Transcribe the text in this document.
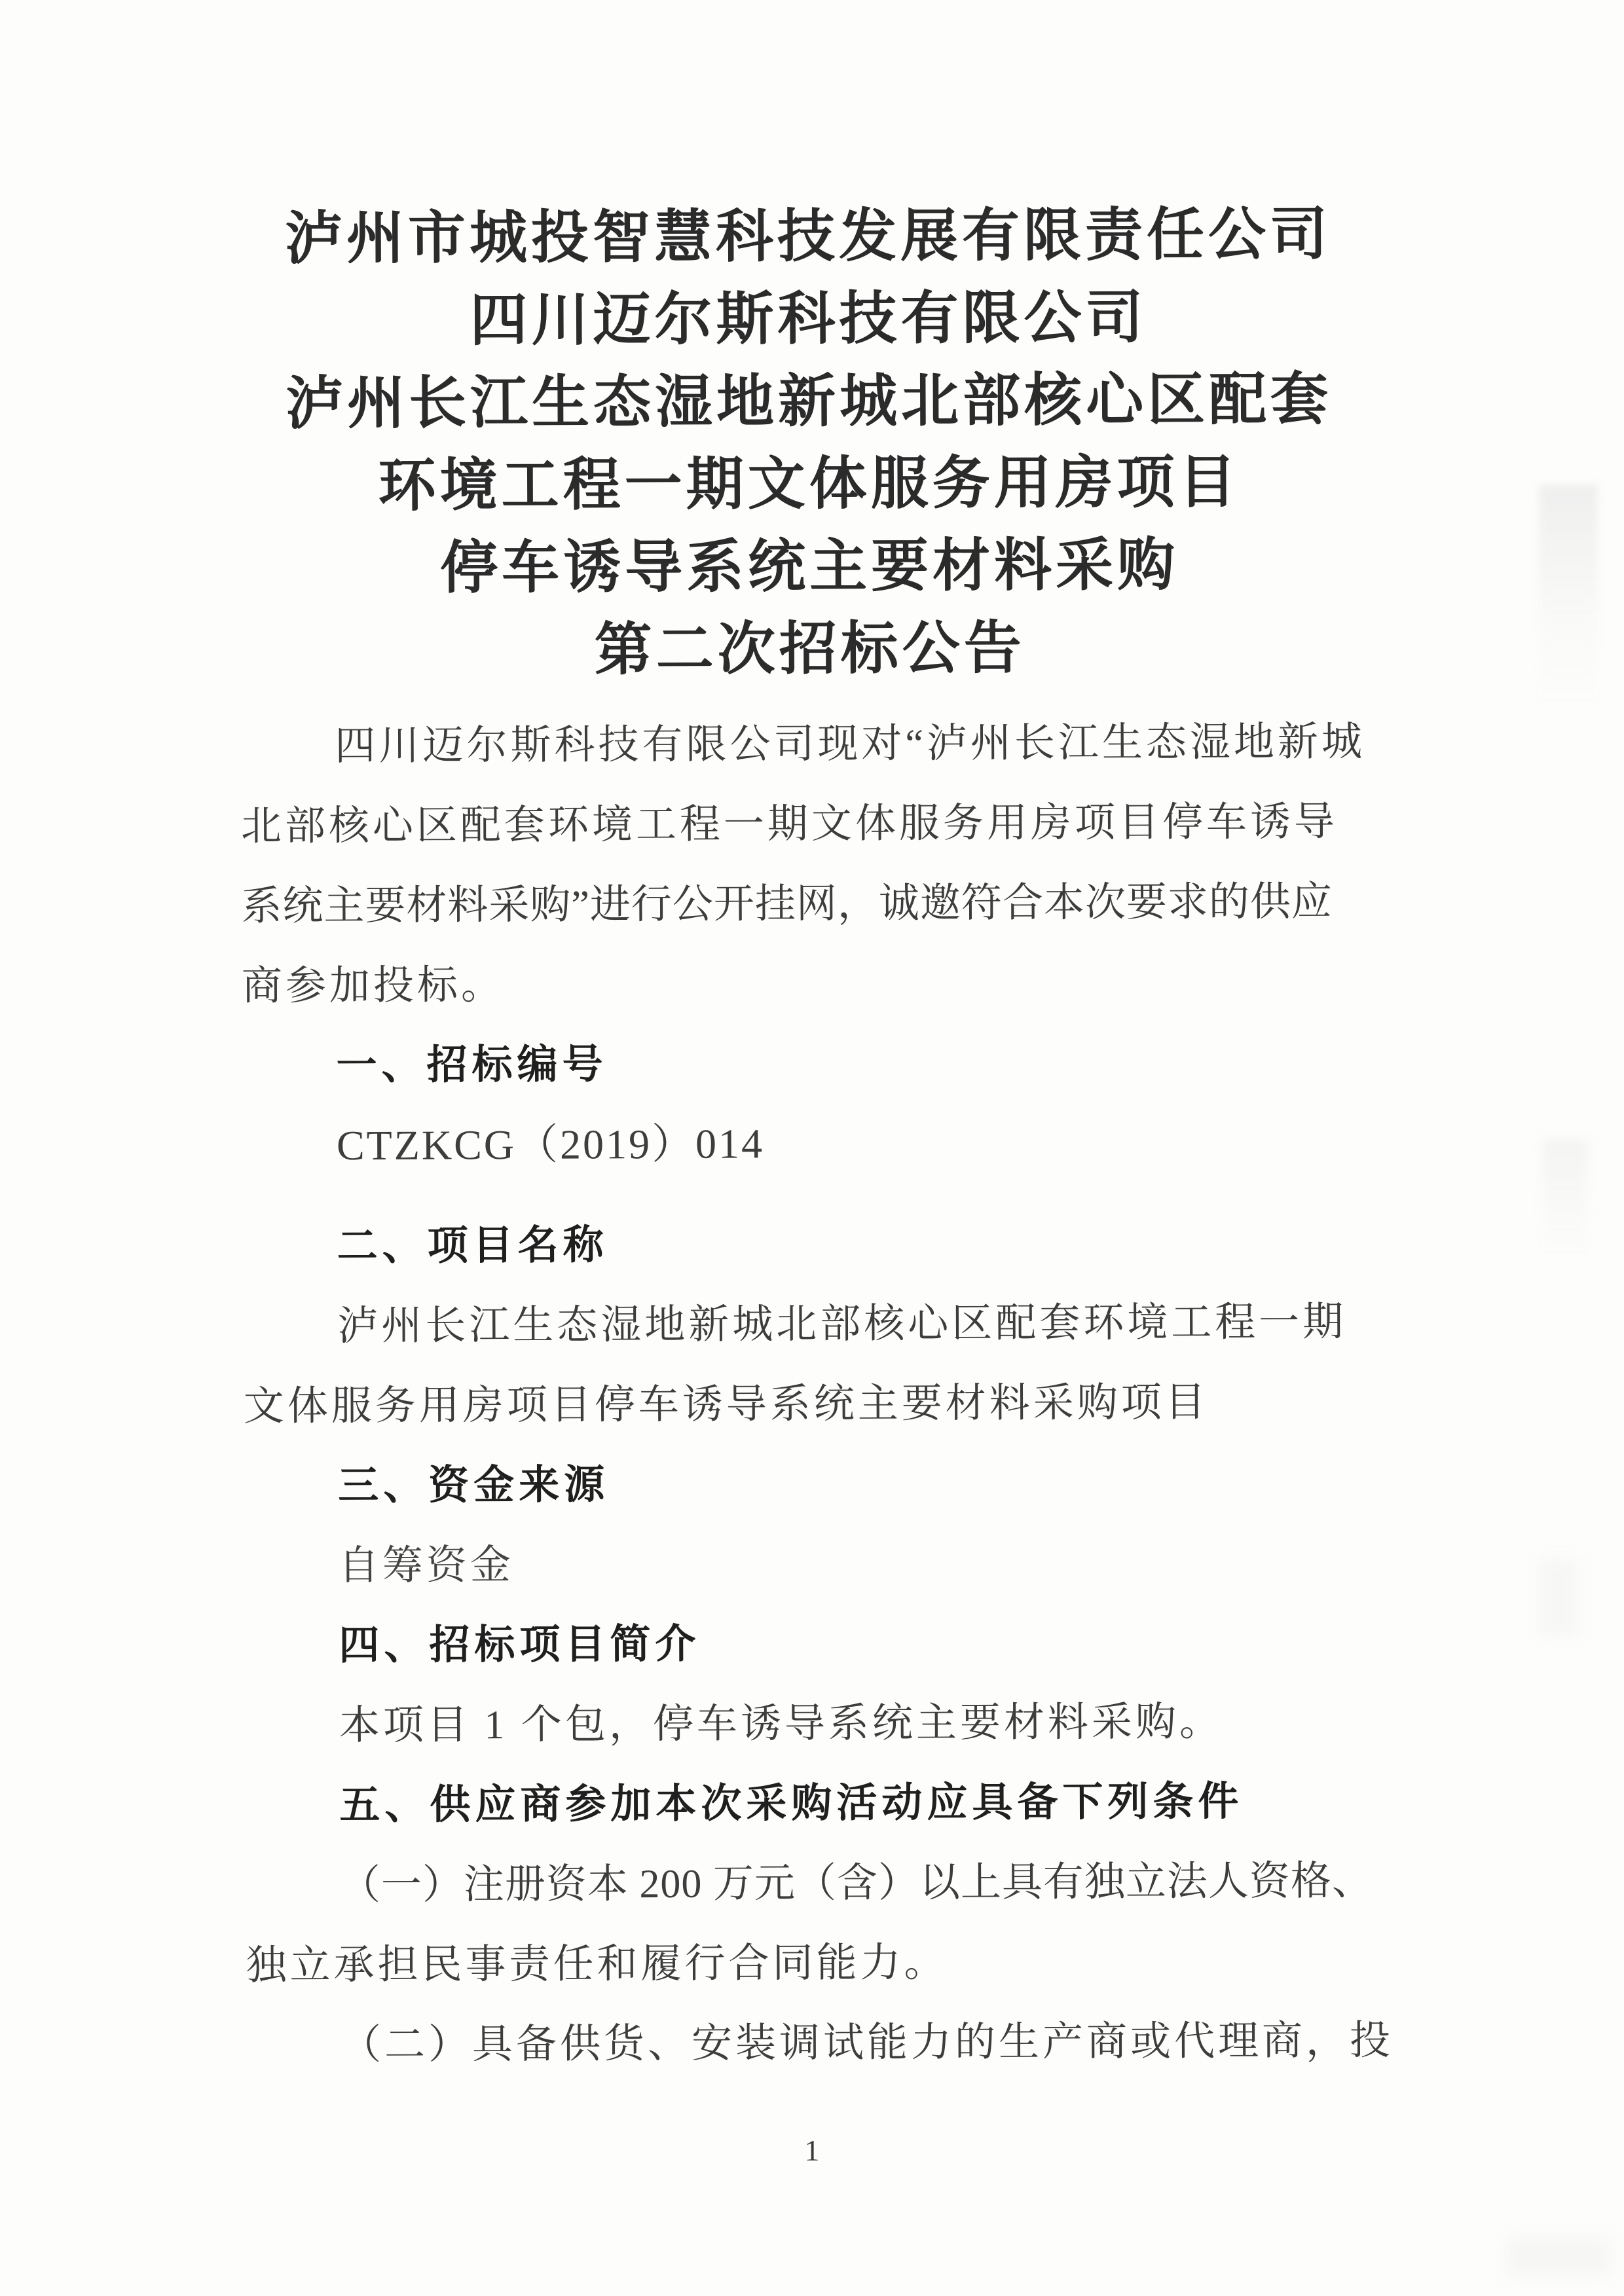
泸州市城投智慧科技发展有限责任公司
四川迈尔斯科技有限公司
泸州长江生态湿地新城北部核心区配套
环境工程一期文体服务用房项目
停车诱导系统主要材料采购
第二次招标公告
四川迈尔斯科技有限公司现对“泸州长江生态湿地新城
北部核心区配套环境工程一期文体服务用房项目停车诱导
系统主要材料采购”进行公开挂网，诚邀符合本次要求的供应
商参加投标。
一、招标编号
CTZKCG（2019）014
二、项目名称
泸州长江生态湿地新城北部核心区配套环境工程一期
文体服务用房项目停车诱导系统主要材料采购项目
三、资金来源
自筹资金
四、招标项目简介
本项目 1 个包，停车诱导系统主要材料采购。
五、供应商参加本次采购活动应具备下列条件
（一）注册资本 200 万元（含）以上具有独立法人资格、
独立承担民事责任和履行合同能力。
（二）具备供货、安装调试能力的生产商或代理商，投
1
